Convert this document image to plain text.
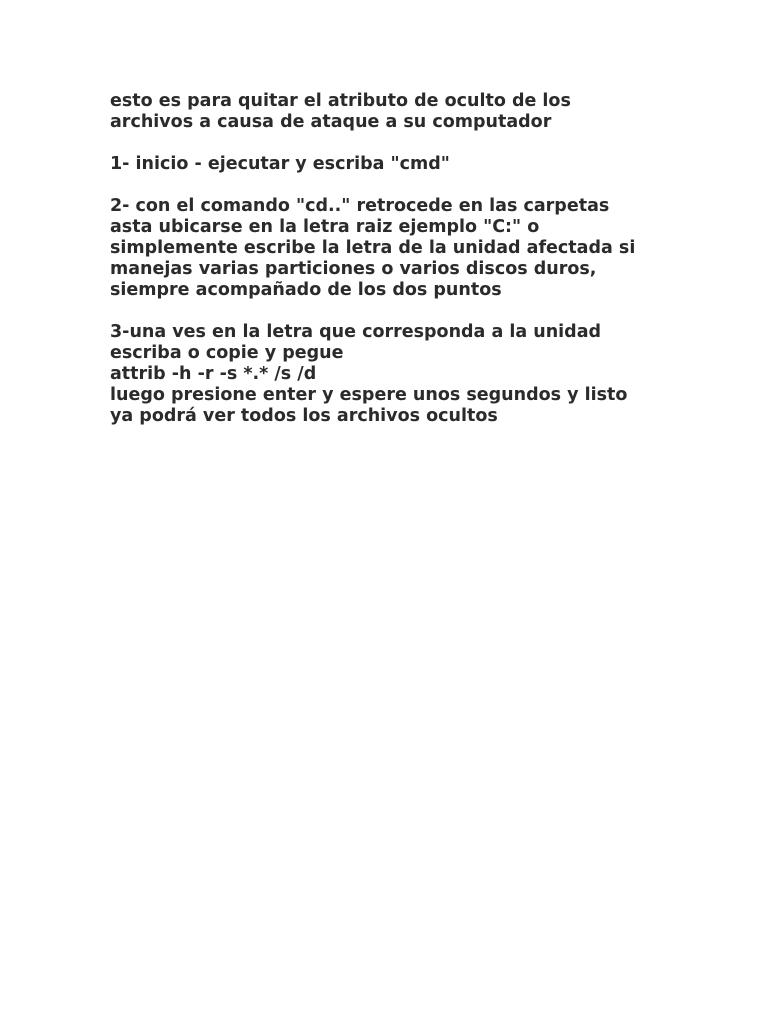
esto es para quitar el atributo de oculto de los
archivos a causa de ataque a su computador
1- inicio - ejecutar y escriba "cmd"
2- con el comando "cd.." retrocede en las carpetas
asta ubicarse en la letra raiz ejemplo "C:" o
simplemente escribe la letra de la unidad afectada si
manejas varias particiones o varios discos duros,
siempre acompañado de los dos puntos
3-una ves en la letra que corresponda a la unidad
escriba o copie y pegue
attrib -h -r -s *.* /s /d
luego presione enter y espere unos segundos y listo
ya podrá ver todos los archivos ocultos
